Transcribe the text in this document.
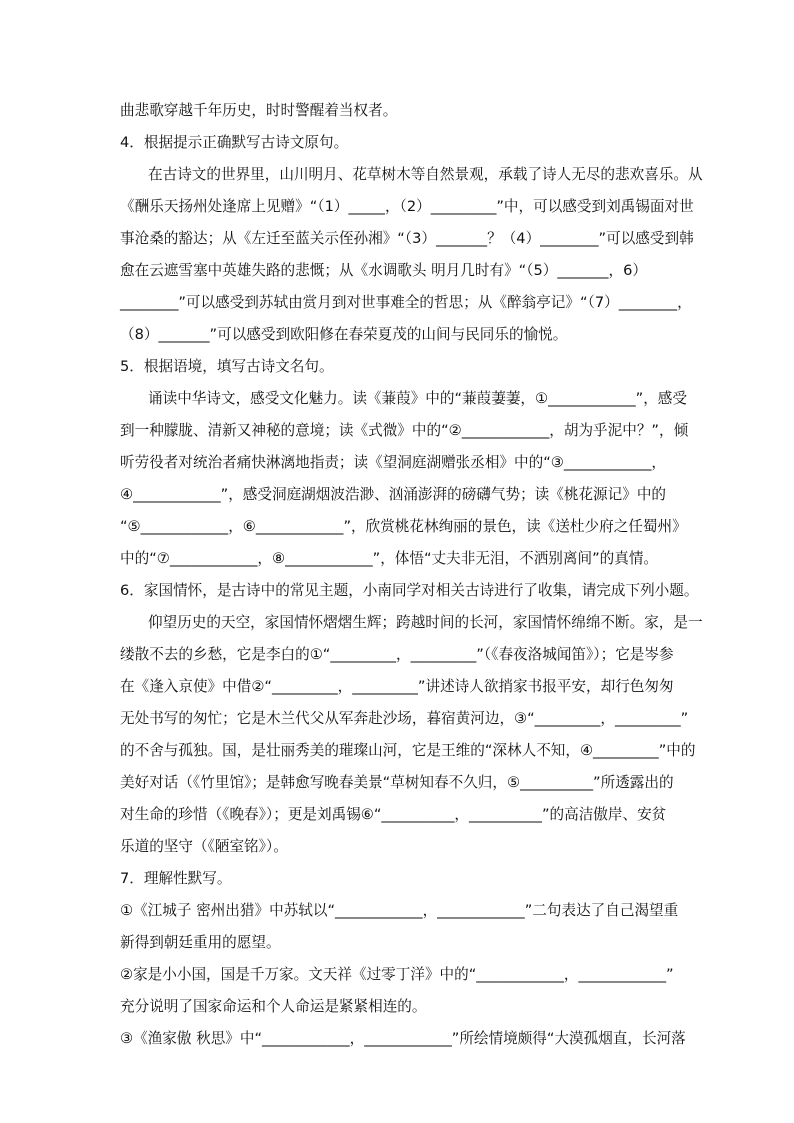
曲悲歌穿越千年历史，时时警醒着当权者。
4．根据提示正确默写古诗文原句。
在古诗文的世界里，山川明月、花草树木等自然景观，承载了诗人无尽的悲欢喜乐。从
《酬乐天扬州处逢席上见赠》“（1）_____，（2）_________”中，可以感受到刘禹锡面对世
事沧桑的豁达；从《左迁至蓝关示侄孙湘》“（3）_______？（4）________”可以感受到韩
愈在云遮雪塞中英雄失路的悲慨；从《水调歌头 明月几时有》“（5）_______，6）
________”可以感受到苏轼由赏月到对世事难全的哲思；从《醉翁亭记》“（7）________，
（8）_______”可以感受到欧阳修在春荣夏茂的山间与民同乐的愉悦。
5．根据语境，填写古诗文名句。
诵读中华诗文，感受文化魅力。读《蒹葭》中的“蒹葭萋萋，①____________”，感受
到一种朦胧、清新又神秘的意境；读《式微》中的“②____________，胡为乎泥中？”，倾
听劳役者对统治者痛快淋漓地指责；读《望洞庭湖赠张丞相》中的“③____________，
④____________”，感受洞庭湖烟波浩渺、汹涌澎湃的磅礴气势；读《桃花源记》中的
“⑤____________，⑥____________”，欣赏桃花林绚丽的景色，读《送杜少府之任蜀州》
中的“⑦____________，⑧____________”，体悟“丈夫非无泪，不洒别离间”的真情。
6．家国情怀，是古诗中的常见主题，小南同学对相关古诗进行了收集，请完成下列小题。
仰望历史的天空，家国情怀熠熠生辉；跨越时间的长河，家国情怀绵绵不断。家，是一
缕散不去的乡愁，它是李白的①“_________，_________”（《春夜洛城闻笛》）；它是岑参
在《逢入京使》中借②“_________，_________”讲述诗人欲捎家书报平安，却行色匆匆
无处书写的匆忙；它是木兰代父从军奔赴沙场，暮宿黄河边，③“_________，_________”
的不舍与孤独。国，是壮丽秀美的璀璨山河，它是王维的“深林人不知，④_________”中的
美好对话（《竹里馆》；是韩愈写晚春美景“草树知春不久归，⑤__________”所透露出的
对生命的珍惜（《晚春》）；更是刘禹锡⑥“__________，__________”的高洁傲岸、安贫
乐道的坚守（《陋室铭》）。
7．理解性默写。
①《江城子 密州出猎》中苏轼以“____________，____________”二句表达了自己渴望重
新得到朝廷重用的愿望。
②家是小小国，国是千万家。文天祥《过零丁洋》中的“____________，____________”
充分说明了国家命运和个人命运是紧紧相连的。
③《渔家傲 秋思》中“____________，____________”所绘情境颇得“大漠孤烟直，长河落
